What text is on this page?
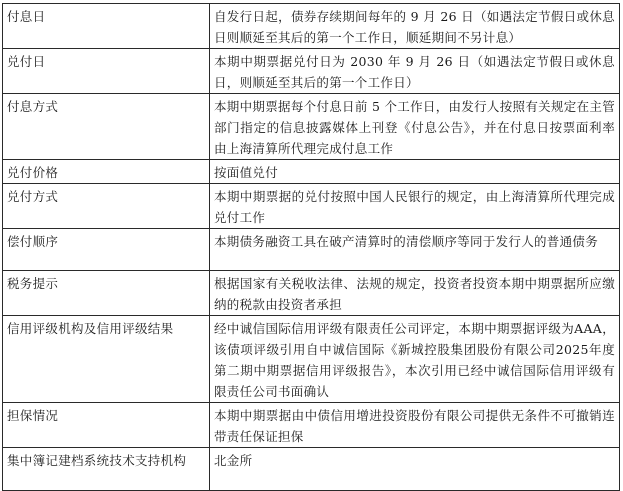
付息日	自发行日起，债券存续期间每年的 9 月 26 日（如遇法定节假日或休息日则顺延至其后的第一个工作日，顺延期间不另计息）
兑付日	本期中期票据兑付日为 2030 年 9 月 26 日（如遇法定节假日或休息日，则顺延至其后的第一个工作日）
付息方式	本期中期票据每个付息日前 5 个工作日，由发行人按照有关规定在主管部门指定的信息披露媒体上刊登《付息公告》，并在付息日按票面利率由上海清算所代理完成付息工作
兑付价格	按面值兑付
兑付方式	本期中期票据的兑付按照中国人民银行的规定，由上海清算所代理完成兑付工作
偿付顺序	本期债务融资工具在破产清算时的清偿顺序等同于发行人的普通债务
税务提示	根据国家有关税收法律、法规的规定，投资者投资本期中期票据所应缴纳的税款由投资者承担
信用评级机构及信用评级结果	经中诚信国际信用评级有限责任公司评定，本期中期票据评级为AAA，该债项评级引用自中诚信国际《新城控股集团股份有限公司2025年度第二期中期票据信用评级报告》，本次引用已经中诚信国际信用评级有限责任公司书面确认
担保情况	本期中期票据由中债信用增进投资股份有限公司提供无条件不可撤销连带责任保证担保
集中簿记建档系统技术支持机构	北金所
